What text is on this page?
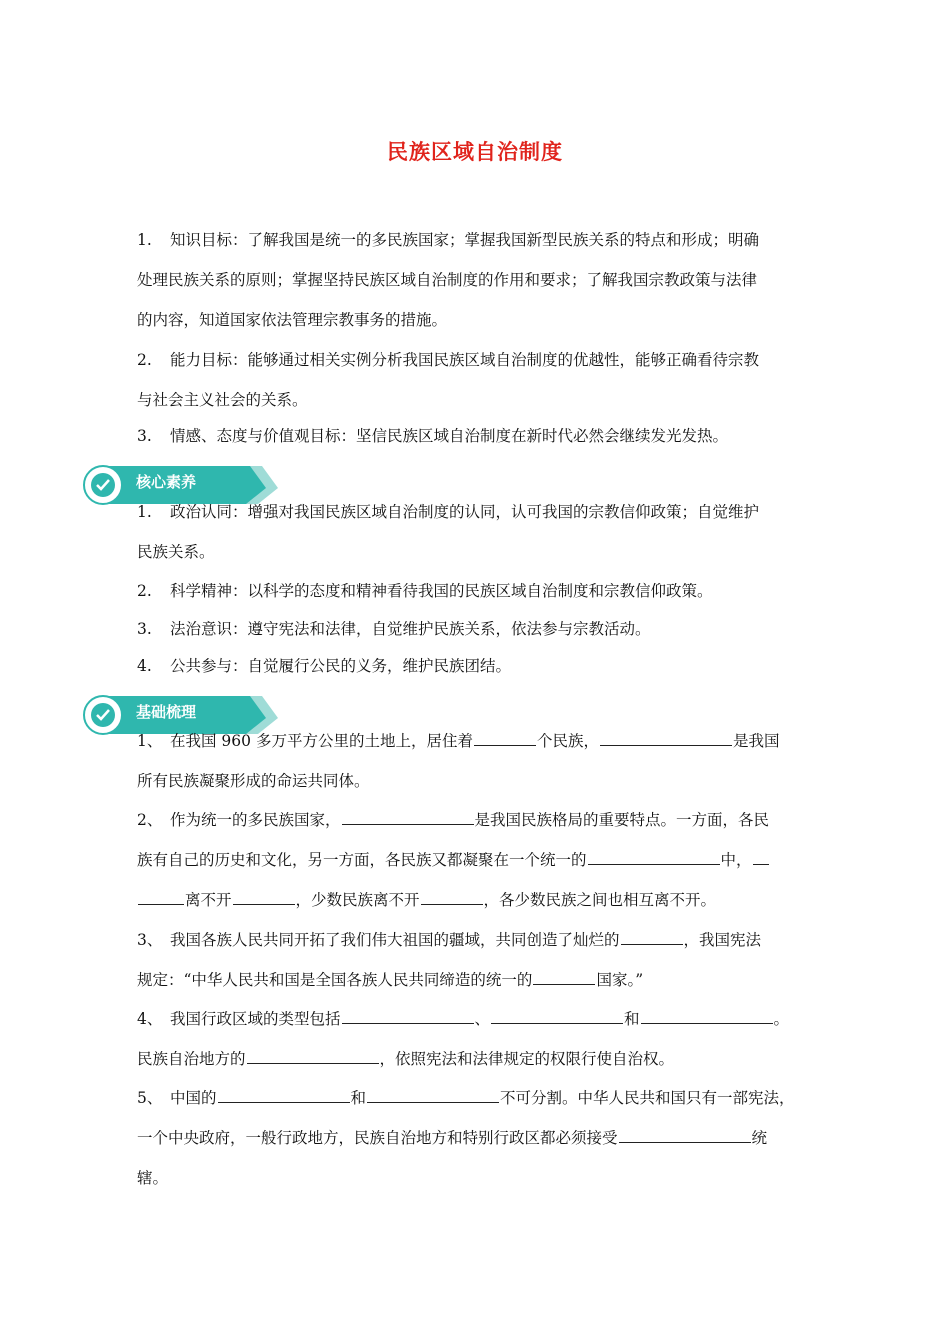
民族区域自治制度
1. 知识目标：了解我国是统一的多民族国家；掌握我国新型民族关系的特点和形成；明确
处理民族关系的原则；掌握坚持民族区域自治制度的作用和要求；了解我国宗教政策与法律
的内容，知道国家依法管理宗教事务的措施。
2. 能力目标：能够通过相关实例分析我国民族区域自治制度的优越性，能够正确看待宗教
与社会主义社会的关系。
3. 情感、态度与价值观目标：坚信民族区域自治制度在新时代必然会继续发光发热。
核心素养
1. 政治认同：增强对我国民族区域自治制度的认同，认可我国的宗教信仰政策；自觉维护
民族关系。
2. 科学精神：以科学的态度和精神看待我国的民族区域自治制度和宗教信仰政策。
3. 法治意识：遵守宪法和法律，自觉维护民族关系，依法参与宗教活动。
4. 公共参与：自觉履行公民的义务，维护民族团结。
基础梳理
1、 在我国 960 多万平方公里的土地上，居住着	个民族，	是我国
所有民族凝聚形成的命运共同体。
2、 作为统一的多民族国家，	是我国民族格局的重要特点。一方面，各民
族有自己的历史和文化，另一方面，各民族又都凝聚在一个统一的	中，
离不开	，少数民族离不开	，各少数民族之间也相互离不开。
3、 我国各族人民共同开拓了我们伟大祖国的疆域，共同创造了灿烂的	，我国宪法
规定：“中华人民共和国是全国各族人民共同缔造的统一的	国家。”
4、 我国行政区域的类型包括	、	和	。
民族自治地方的	，依照宪法和法律规定的权限行使自治权。
5、 中国的	和	不可分割。中华人民共和国只有一部宪法，
一个中央政府，一般行政地方，民族自治地方和特别行政区都必须接受	统
辖。
